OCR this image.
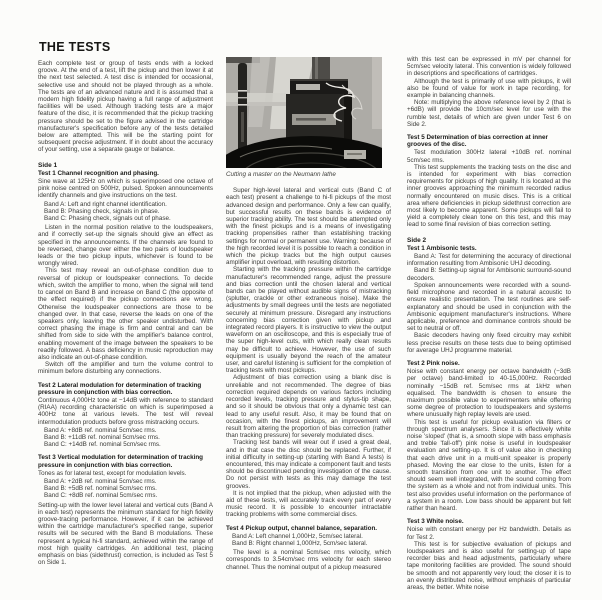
THE TESTS

Each complete test or group of tests ends with a locked groove. At the end of a test, lift the pickup and then lower it at the next test selected. A test disc is intended for occasional, selective use and should not be played through as a whole. The tests are of an advanced nature and it is assumed that a modern high fidelity pickup having a full range of adjustment facilities will be used. Although tracking tests are a major feature of the disc, it is recommended that the pickup tracking pressure should be set to the figure advised in the cartridge manufacturer's specification before any of the tests detailed below are attempted. This will be the starting point for subsequent precise adjustment. If in doubt about the accuracy of your setting, use a separate gauge or balance.

Side 1
Test 1 Channel recognition and phasing.

Sine wave at 125Hz on which is superimposed one octave of pink noise centred on 500Hz, pulsed. Spoken announcements identify channels and give instructions on the test.

Band A: Left and right channel identification.
Band B: Phasing check, signals in phase.
Band C: Phasing check, signals out of phase.

Listen in the normal position relative to the loudspeakers, and if correctly set-up the signals should give an effect as specified in the announcements. If the channels are found to be reversed, change over either the two pairs of loudspeaker leads or the two pickup inputs, whichever is found to be wrongly wired.

This test may reveal an out-of-phase condition due to reversal of pickup or loudspeaker connections. To decide which, switch the amplifier to mono, when the signal will tend to cancel on Band B and increase on Band C (the opposite of the effect required) if the pickup connections are wrong. Otherwise the loudspeaker connections are those to be changed over. In that case, reverse the leads on one of the speakers only, leaving the other speaker undisturbed. With correct phasing the image is firm and central and can be shifted from side to side with the amplifier's balance control, enabling movement of the image between the speakers to be readily followed. A bass deficiency in music reproduction may also indicate an out-of-phase condition.

Switch off the amplifier and turn the volume control to minimum before disturbing any connections.

Test 2 Lateral modulation for determination of tracking pressure in conjunction with bias correction.

Continuous 4,000Hz tone at −14dB with reference to standard (RIAA) recording characteristic on which is superimposed a 400Hz tone at various levels. The test will reveal intermodulation products before gross mistracking occurs.

Band A: +8dB ref. nominal 5cm/sec rms.
Band B: +11dB ref. nominal 5cm/sec rms.
Band C: +14dB ref. nominal 5cm/sec rms.
Test 3 Vertical modulation for determination of tracking pressure in conjunction with bias correction.

Tones as for lateral test, except for modulation levels.

Band A: +2dB ref. nominal 5cm/sec rms.
Band B: +5dB ref. nominal 5cm/sec rms.
Band C: +8dB ref. nominal 5cm/sec rms.

Setting-up with the lower level lateral and vertical cuts (Band A in each test) represents the minimum standard for high fidelity groove-tracing performance. However, if it can be achieved within the cartridge manufacturer's specified range, superior results will be secured with the Band B modulations. These represent a typical hi-fi standard, achieved within the range of most high quality cartridges. An additional test, placing emphasis on bias (sidethrust) correction, is included as Test 5 on Side 1.

Cutting a master on the Neumann lathe

Super high-level lateral and vertical cuts (Band C of each test) present a challenge to hi-fi pickups of the most advanced design and performance. Only a few can qualify, but successful results on these bands is evidence of superior tracking ability. The test should be attempted only with the finest pickups and is a means of investigating tracking propensities rather than establishing tracking settings for normal or permanent use. Warning: because of the high recorded level it is possible to reach a condition in which the pickup tracks but the high output causes amplifier input overload, with resulting distortion.

Starting with the tracking pressure within the cartridge manufacturer's recommended range, adjust the pressure and bias correction until the chosen lateral and vertical bands can be played without audible signs of mistracking (splutter, crackle or other extraneous noise). Make the adjustments by small degrees until the tests are negotiated securely at minimum pressure. Disregard any instructions concerning bias correction given with pickup and integrated record players. It is instructive to view the output waveform on an oscilloscope, and this is especially true of the super high-level cuts, with which really clean results may be difficult to achieve. However, the use of such equipment is usually beyond the reach of the amateur user, and careful listening is sufficient for the completion of tracking tests with most pickups.

Adjustment of bias correction using a blank disc is unreliable and not recommended. The degree of bias correction required depends on various factors including recorded levels, tracking pressure and stylus-tip shape, and so it should be obvious that only a dynamic test can lead to any useful result. Also, it may be found that on occasion, with the finest pickups, an improvement will result from altering the proportion of bias correction (rather than tracking pressure) for severely modulated discs.

Tracking test bands will wear out if used a great deal, and in that case the disc should be replaced. Further, if initial difficulty in setting-up (starting with Band A tests) is encountered, this may indicate a component fault and tests should be discontinued pending investigation of the cause. Do not persist with tests as this may damage the test grooves.

It is not implied that the pickup, when adjusted with the aid of these tests, will accurately track every part of every music record. It is possible to encounter intractable tracking problems with some commercial discs.

Test 4 Pickup output, channel balance, separation.
Band A: Left channel 1,000Hz, 5cm/sec lateral.
Band B: Right channel 1,000Hz, 5cm/sec lateral.

The level is a nominal 5cm/sec rms velocity, which corresponds to 3.54cm/sec rms velocity for each stereo channel. Thus the nominal output of a pickup measured

with this test can be expressed in mV per channel for 5cm/sec velocity lateral. This convention is widely followed in descriptions and specifications of cartridges.

Although the test is primarily of use with pickups, it will also be found of value for work in tape recording, for example in balancing channels.

Note: multiplying the above reference level by 2 (that is +6dB) will provide the 10cm/sec level for use with the rumble test, details of which are given under Test 6 on Side 2.

Test 5 Determination of bias correction at inner grooves of the disc.

Test modulation 300Hz lateral +10dB ref. nominal 5cm/sec rms.

This test supplements the tracking tests on the disc and is intended for experiment with bias correction requirements for pickups of high quality. It is located at the inner grooves approaching the minimum recorded radius normally encountered on music discs. This is a critical area where deficiencies in pickup sidethrust correction are most likely to become apparent. Some pickups will fail to yield a completely clean tone on this test, and this may lead to some final revision of bias correction setting.

Side 2
Test 1 Ambisonic tests.

Band A: Test for determining the accuracy of directional information resulting from Ambisonic UHJ decoding.

Band B: Setting-up signal for Ambisonic surround-sound decoders.

Spoken announcements were recorded with a sound-field microphone and recorded in a natural acoustic to ensure realistic presentation. The test routines are self-explanatory and should be used in conjunction with the Ambisonic equipment manufacturer's instructions. Where applicable, preference and dominance controls should be set to neutral or off.

Basic decoders having only fixed circuitry may exhibit less precise results on these tests due to being optimised for average UHJ programme material.

Test 2 Pink noise.

Noise with constant energy per octave bandwidth (−3dB per octave) band-limited to 40-15,000Hz. Recorded nominally −15dB ref. 5cm/sec rms at 1kHz when equalised. The bandwidth is chosen to ensure the maximum possible value to experimenters while offering some degree of protection to loudspeakers and systems where unusually high replay levels are used.

This test is useful for pickup evaluation via filters or through spectrum analysers. Since it is effectively white noise 'sloped' (that is, a smooth slope with bass emphasis and treble 'fall-off') pink noise is useful in loudspeaker evaluation and setting-up. It is of value also in checking that each drive unit in a multi-unit speaker is properly phased. Moving the ear close to the units, listen for a smooth transition from one unit to another. The effect should seem well integrated, with the sound coming from the system as a whole and not from individual units. This test also provides useful information on the performance of a system in a room. Low bass should be apparent but felt rather than heard.

Test 3 White noise.

Noise with constant energy per Hz bandwidth. Details as for Test 2.

This test is for subjective evaluation of pickups and loudspeakers and is also useful for setting-up of tape recorder bias and head adjustments, particularly where tape monitoring facilities are provided. The sound should be smooth and not apparently very loud; the closer it is to an evenly distributed noise, without emphasis of particular areas, the better. White noise
